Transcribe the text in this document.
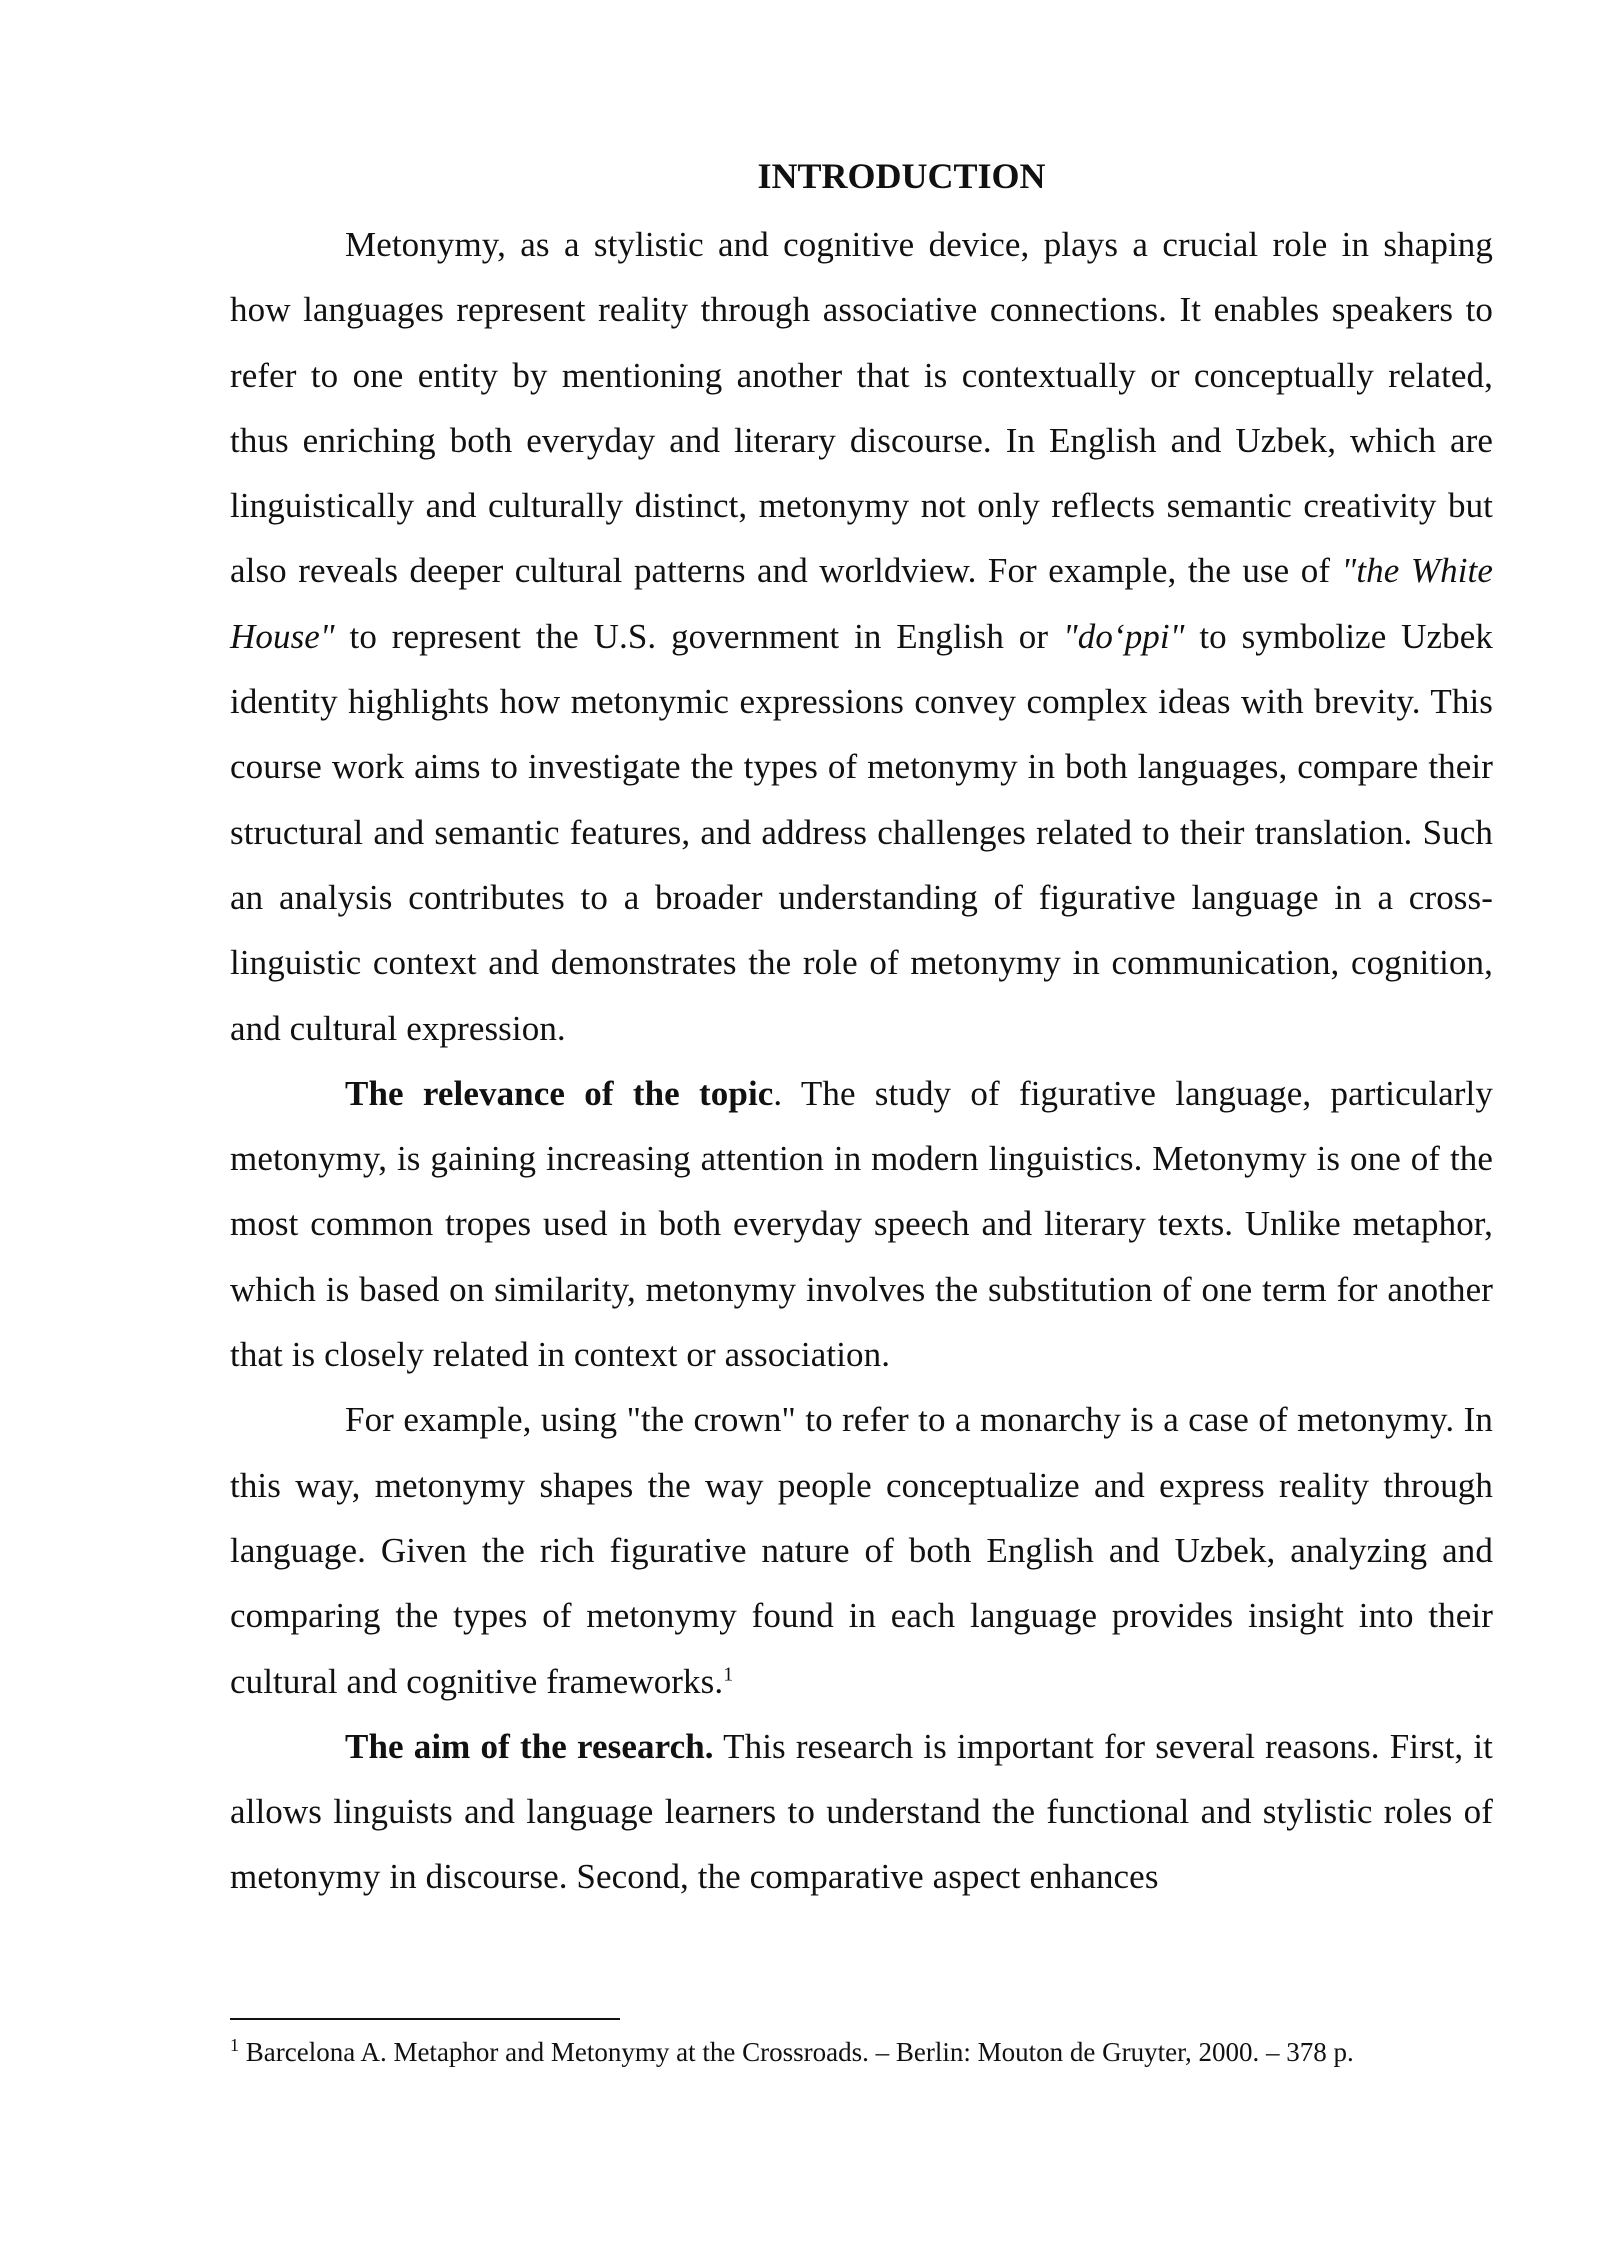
INTRODUCTION

Metonymy, as a stylistic and cognitive device, plays a crucial role in shaping how languages represent reality through associative connections. It enables speakers to refer to one entity by mentioning another that is contextually or conceptually related, thus enriching both everyday and literary discourse. In English and Uzbek, which are linguistically and culturally distinct, metonymy not only reflects semantic creativity but also reveals deeper cultural patterns and worldview. For example, the use of "the White House" to represent the U.S. government in English or "do‘ppi" to symbolize Uzbek identity highlights how metonymic expressions convey complex ideas with brevity. This course work aims to investigate the types of metonymy in both languages, compare their structural and semantic features, and address challenges related to their translation. Such an analysis contributes to a broader understanding of figurative language in a cross-linguistic context and demonstrates the role of metonymy in communication, cognition, and cultural expression.

The relevance of the topic. The study of figurative language, particularly metonymy, is gaining increasing attention in modern linguistics. Metonymy is one of the most common tropes used in both everyday speech and literary texts. Unlike metaphor, which is based on similarity, metonymy involves the substitution of one term for another that is closely related in context or association.

For example, using "the crown" to refer to a monarchy is a case of metonymy. In this way, metonymy shapes the way people conceptualize and express reality through language. Given the rich figurative nature of both English and Uzbek, analyzing and comparing the types of metonymy found in each language provides insight into their cultural and cognitive frameworks.$^1$

The aim of the research. This research is important for several reasons. First, it allows linguists and language learners to understand the functional and stylistic roles of metonymy in discourse. Second, the comparative aspect enhances

$^1$ Barcelona A. Metaphor and Metonymy at the Crossroads. – Berlin: Mouton de Gruyter, 2000. – 378 p.
